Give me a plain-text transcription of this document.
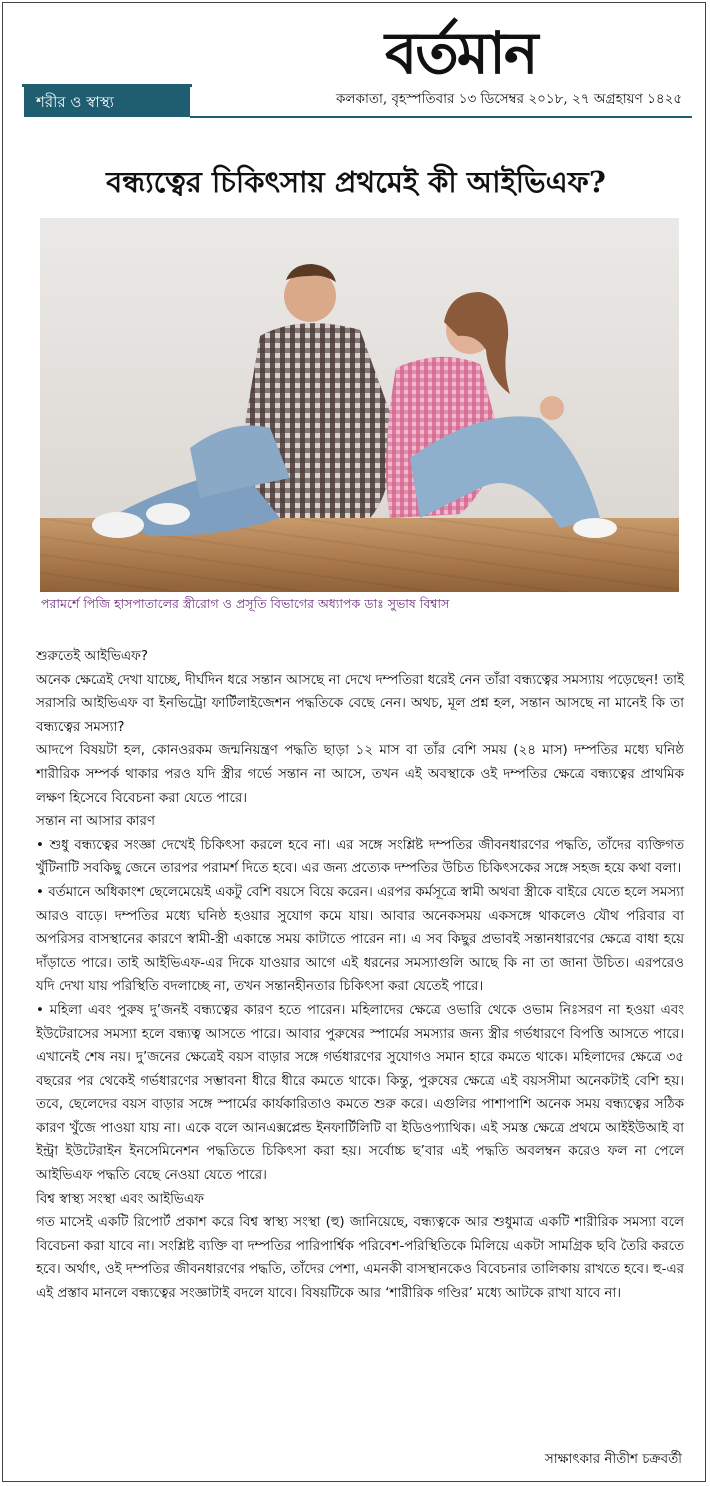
বর্তমান
শরীর ও স্বাস্থ্য	কলকাতা, বৃহস্পতিবার ১৩ ডিসেম্বর ২০১৮, ২৭ অগ্রহায়ণ ১৪২৫
বন্ধ্যত্বের চিকিৎসায় প্রথমেই কী আইভিএফ?
পরামর্শে পিজি হাসপাতালের স্ত্রীরোগ ও প্রসূতি বিভাগের অধ্যাপক ডাঃ সুভাষ বিশ্বাস

শুরুতেই আইভিএফ?

অনেক ক্ষেত্রেই দেখা যাচ্ছে, দীর্ঘদিন ধরে সন্তান আসছে না দেখে দম্পতিরা ধরেই নেন তাঁরা বন্ধ্যত্বের সমস্যায় পড়েছেন! তাই সরাসরি আইভিএফ বা ইনভিট্রো ফার্টিলাইজেশন পদ্ধতিকে বেছে নেন। অথচ, মূল প্রশ্ন হল, সন্তান আসছে না মানেই কি তা বন্ধ্যত্বের সমস্যা?

আদপে বিষয়টা হল, কোনওরকম জন্মনিয়ন্ত্রণ পদ্ধতি ছাড়া ১২ মাস বা তাঁর বেশি সময় (২৪ মাস) দম্পতির মধ্যে ঘনিষ্ঠ শারীরিক সম্পর্ক থাকার পরও যদি স্ত্রীর গর্ভে সন্তান না আসে, তখন এই অবস্থাকে ওই দম্পতির ক্ষেত্রে বন্ধ্যত্বের প্রাথমিক লক্ষণ হিসেবে বিবেচনা করা যেতে পারে।

সন্তান না আসার কারণ

• শুধু বন্ধ্যত্বের সংজ্ঞা দেখেই চিকিৎসা করলে হবে না। এর সঙ্গে সংশ্লিষ্ট দম্পতির জীবনধারণের পদ্ধতি, তাঁদের ব্যক্তিগত খুঁটিনাটি সবকিছু জেনে তারপর পরামর্শ দিতে হবে। এর জন্য প্রত্যেক দম্পতির উচিত চিকিৎসকের সঙ্গে সহজ হয়ে কথা বলা।

• বর্তমানে অধিকাংশ ছেলেমেয়েই একটু বেশি বয়সে বিয়ে করেন। এরপর কর্মসূত্রে স্বামী অথবা স্ত্রীকে বাইরে যেতে হলে সমস্যা আরও বাড়ে। দম্পতির মধ্যে ঘনিষ্ঠ হওয়ার সুযোগ কমে যায়। আবার অনেকসময় একসঙ্গে থাকলেও যৌথ পরিবার বা অপরিসর বাসস্থানের কারণে স্বামী-স্ত্রী একান্তে সময় কাটাতে পারেন না। এ সব কিছুর প্রভাবই সন্তানধারণের ক্ষেত্রে বাধা হয়ে দাঁড়াতে পারে। তাই আইভিএফ-এর দিকে যাওয়ার আগে এই ধরনের সমস্যাগুলি আছে কি না তা জানা উচিত। এরপরেও যদি দেখা যায় পরিস্থিতি বদলাচ্ছে না, তখন সন্তানহীনতার চিকিৎসা করা যেতেই পারে।

• মহিলা এবং পুরুষ দু’জনই বন্ধ্যত্বের কারণ হতে পারেন। মহিলাদের ক্ষেত্রে ওভারি থেকে ওভাম নিঃসরণ না হওয়া এবং ইউটেরাসের সমস্যা হলে বন্ধ্যত্ব আসতে পারে। আবার পুরুষের স্পার্মের সমস্যার জন্য স্ত্রীর গর্ভধারণে বিপত্তি আসতে পারে। এখানেই শেষ নয়। দু’জনের ক্ষেত্রেই বয়স বাড়ার সঙ্গে গর্ভধারণের সুযোগও সমান হারে কমতে থাকে। মহিলাদের ক্ষেত্রে ৩৫ বছরের পর থেকেই গর্ভধারণের সম্ভাবনা ধীরে ধীরে কমতে থাকে। কিন্তু, পুরুষের ক্ষেত্রে এই বয়সসীমা অনেকটাই বেশি হয়। তবে, ছেলেদের বয়স বাড়ার সঙ্গে স্পার্মের কার্যকারিতাও কমতে শুরু করে। এগুলির পাশাপাশি অনেক সময় বন্ধ্যত্বের সঠিক কারণ খুঁজে পাওয়া যায় না। একে বলে আনএক্সপ্লেন্ড ইনফার্টিলিটি বা ইডিওপ্যাথিক। এই সমস্ত ক্ষেত্রে প্রথমে আইইউআই বা ইন্ট্রা ইউটেরাইন ইনসেমিনেশন পদ্ধতিতে চিকিৎসা করা হয়। সর্বোচ্চ ছ’বার এই পদ্ধতি অবলম্বন করেও ফল না পেলে আইভিএফ পদ্ধতি বেছে নেওয়া যেতে পারে।

বিশ্ব স্বাস্থ্য সংস্থা এবং আইভিএফ

গত মাসেই একটি রিপোর্ট প্রকাশ করে বিশ্ব স্বাস্থ্য সংস্থা (হু) জানিয়েছে, বন্ধ্যত্বকে আর শুধুমাত্র একটি শারীরিক সমস্যা বলে বিবেচনা করা যাবে না। সংশ্লিষ্ট ব্যক্তি বা দম্পতির পারিপার্শ্বিক পরিবেশ-পরিস্থিতিকে মিলিয়ে একটা সামগ্রিক ছবি তৈরি করতে হবে। অর্থাৎ, ওই দম্পতির জীবনধারণের পদ্ধতি, তাঁদের পেশা, এমনকী বাসস্থানকেও বিবেচনার তালিকায় রাখতে হবে। হু-এর এই প্রস্তাব মানলে বন্ধ্যত্বের সংজ্ঞাটাই বদলে যাবে। বিষয়টিকে আর ‘শারীরিক গণ্ডির’ মধ্যে আটকে রাখা যাবে না।

সাক্ষাৎকার নীতীশ চক্রবর্তী
